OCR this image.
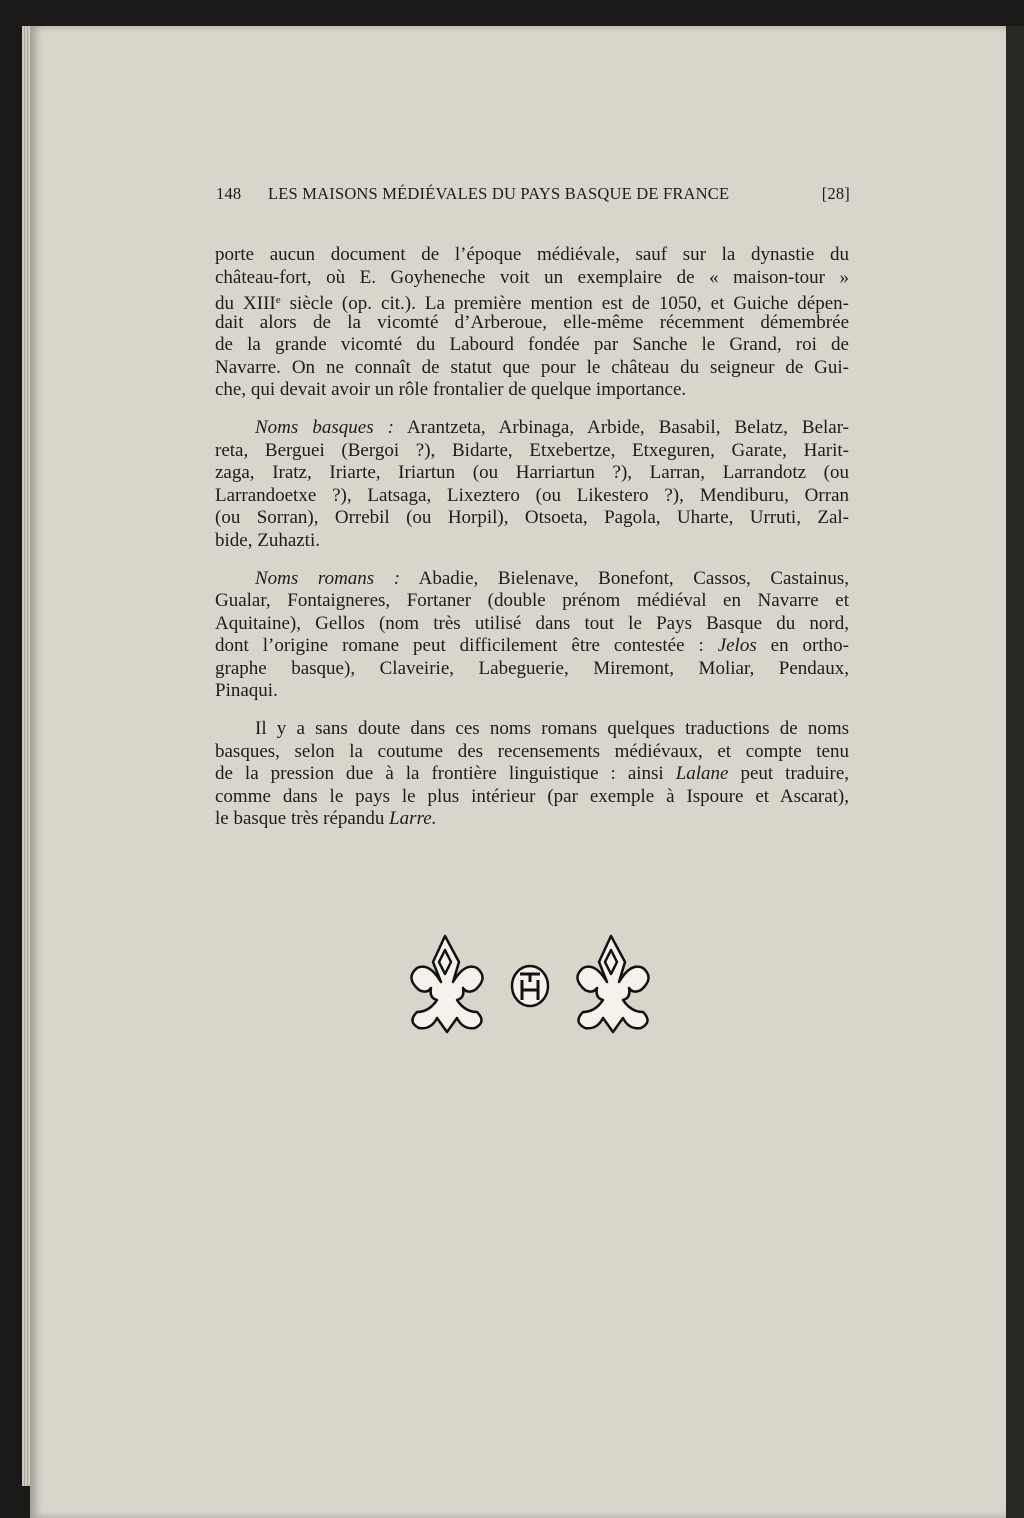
148	LES MAISONS MÉDIÉVALES DU PAYS BASQUE DE FRANCE	[28]
porte aucun document de l’époque médiévale, sauf sur la dynastie du
château-fort, où E. Goyheneche voit un exemplaire de « maison-tour »
du XIIIe siècle (op. cit.). La première mention est de 1050, et Guiche dépen-
dait alors de la vicomté d’Arberoue, elle-même récemment démembrée
de la grande vicomté du Labourd fondée par Sanche le Grand, roi de
Navarre. On ne connaît de statut que pour le château du seigneur de Gui-
che, qui devait avoir un rôle frontalier de quelque importance.
Noms basques : Arantzeta, Arbinaga, Arbide, Basabil, Belatz, Belar-
reta, Berguei (Bergoi ?), Bidarte, Etxebertze, Etxeguren, Garate, Harit-
zaga, Iratz, Iriarte, Iriartun (ou Harriartun ?), Larran, Larrandotz (ou
Larrandoetxe ?), Latsaga, Lixeztero (ou Likestero ?), Mendiburu, Orran
(ou Sorran), Orrebil (ou Horpil), Otsoeta, Pagola, Uharte, Urruti, Zal-
bide, Zuhazti.
Noms romans : Abadie, Bielenave, Bonefont, Cassos, Castainus,
Gualar, Fontaigneres, Fortaner (double prénom médiéval en Navarre et
Aquitaine), Gellos (nom très utilisé dans tout le Pays Basque du nord,
dont l’origine romane peut difficilement être contestée : Jelos en ortho-
graphe basque), Claveirie, Labeguerie, Miremont, Moliar, Pendaux,
Pinaqui.
Il y a sans doute dans ces noms romans quelques traductions de noms
basques, selon la coutume des recensements médiévaux, et compte tenu
de la pression due à la frontière linguistique : ainsi Lalane peut traduire,
comme dans le pays le plus intérieur (par exemple à Ispoure et Ascarat),
le basque très répandu Larre.
